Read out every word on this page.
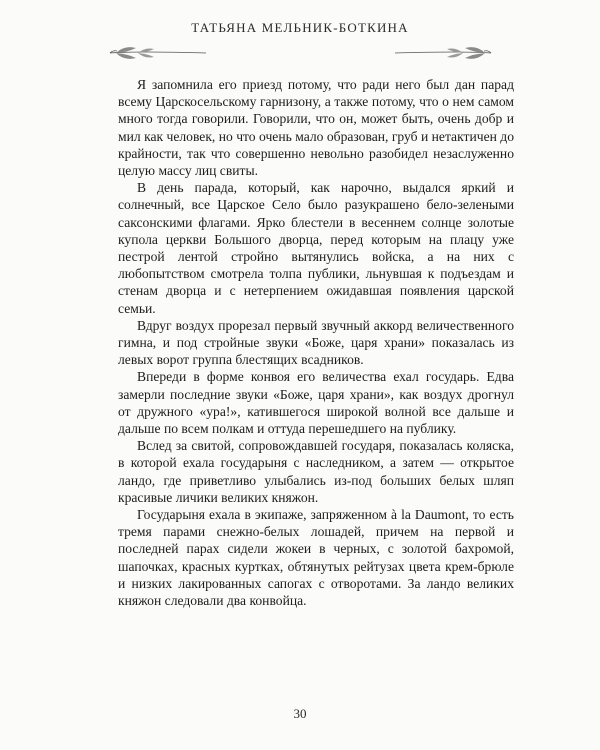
ТАТЬЯНА МЕЛЬНИК-БОТКИНА

Я запомнила его приезд потому, что ради него был дан парад всему Царскосельскому гарнизону, а также потому, что о нем самом много тогда говорили. Говорили, что он, может быть, очень добр и мил как человек, но что очень мало образован, груб и нетактичен до крайности, так что совершенно невольно разобидел незаслуженно целую массу лиц свиты.

В день парада, который, как нарочно, выдался яркий и солнечный, все Царское Село было разукрашено бело-зелеными саксонскими флагами. Ярко блестели в весеннем солнце золотые купола церкви Большого дворца, перед которым на плацу уже пестрой лентой стройно вытянулись войска, а на них с любопытством смотрела толпа публики, льнувшая к подъездам и стенам дворца и с нетерпением ожидавшая появления царской семьи.

Вдруг воздух прорезал первый звучный аккорд величественного гимна, и под стройные звуки «Боже, царя храни» показалась из левых ворот группа блестящих всадников.

Впереди в форме конвоя его величества ехал государь. Едва замерли последние звуки «Боже, царя храни», как воздух дрогнул от дружного «ура!», катившегося широкой волной все дальше и дальше по всем полкам и оттуда перешедшего на публику.

Вслед за свитой, сопровождавшей государя, показалась коляска, в которой ехала государыня с наследником, а затем — открытое ландо, где приветливо улыбались из-под больших белых шляп красивые личики великих княжон.

Государыня ехала в экипаже, запряженном à la Daumont, то есть тремя парами снежно-белых лошадей, причем на первой и последней парах сидели жокеи в черных, с золотой бахромой, шапочках, красных куртках, обтянутых рейтузах цвета крем-брюле и низких лакированных сапогах с отворотами. За ландо великих княжон следовали два конвойца.

30
